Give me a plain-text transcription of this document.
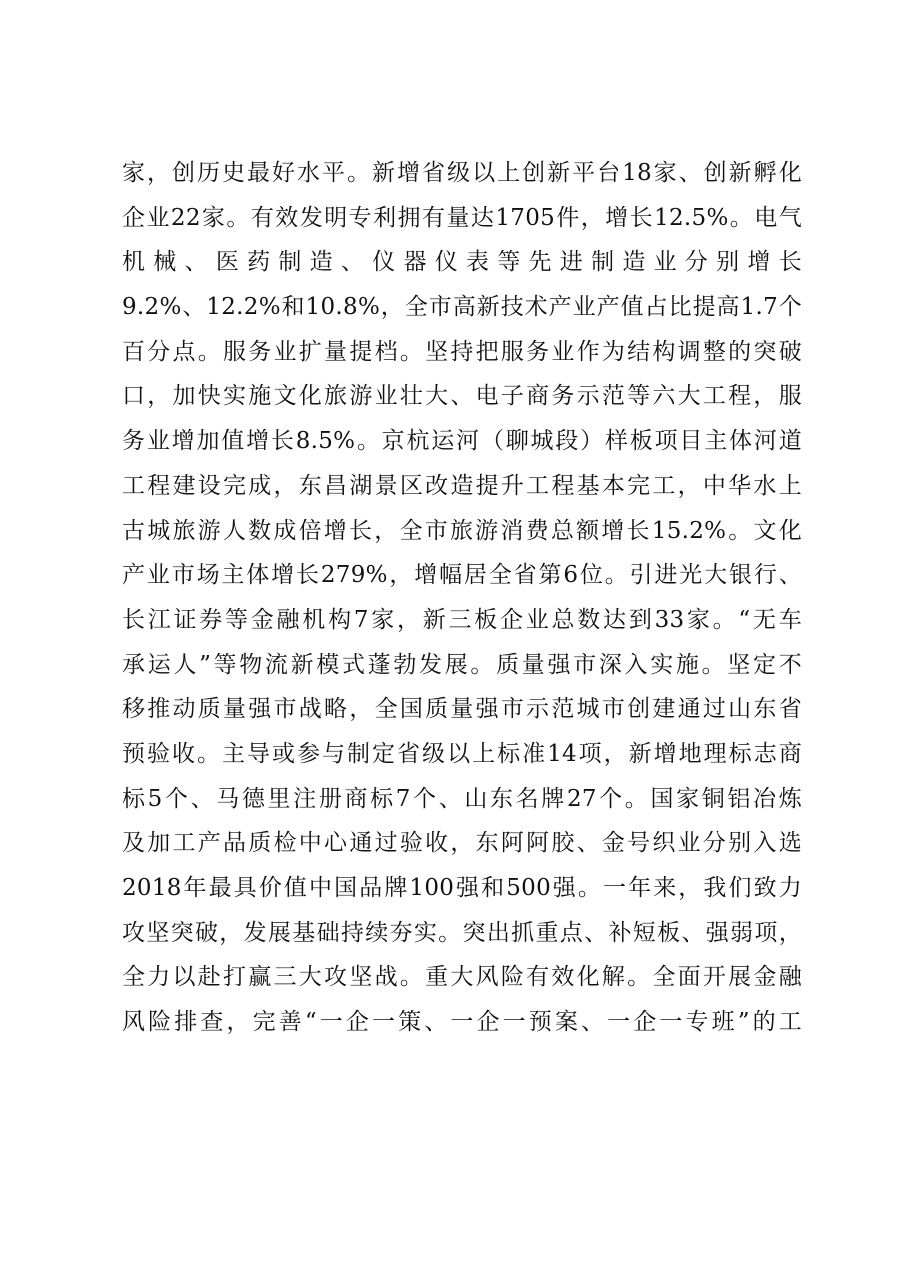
家，创历史最好水平。新增省级以上创新平台18家、创新孵化
企业22家。有效发明专利拥有量达1705件，增长12.5%。电气
机械、医药制造、仪器仪表等先进制造业分别增长
9.2%、12.2%和10.8%，全市高新技术产业产值占比提高1.7个
百分点。服务业扩量提档。坚持把服务业作为结构调整的突破
口，加快实施文化旅游业壮大、电子商务示范等六大工程，服
务业增加值增长8.5%。京杭运河（聊城段）样板项目主体河道
工程建设完成，东昌湖景区改造提升工程基本完工，中华水上
古城旅游人数成倍增长，全市旅游消费总额增长15.2%。文化
产业市场主体增长279%，增幅居全省第6位。引进光大银行、
长江证券等金融机构7家，新三板企业总数达到33家。“无车
承运人”等物流新模式蓬勃发展。质量强市深入实施。坚定不
移推动质量强市战略，全国质量强市示范城市创建通过山东省
预验收。主导或参与制定省级以上标准14项，新增地理标志商
标5个、马德里注册商标7个、山东名牌27个。国家铜铝冶炼
及加工产品质检中心通过验收，东阿阿胶、金号织业分别入选
2018年最具价值中国品牌100强和500强。一年来，我们致力
攻坚突破，发展基础持续夯实。突出抓重点、补短板、强弱项，
全力以赴打赢三大攻坚战。重大风险有效化解。全面开展金融
风险排查，完善“一企一策、一企一预案、一企一专班”的工
